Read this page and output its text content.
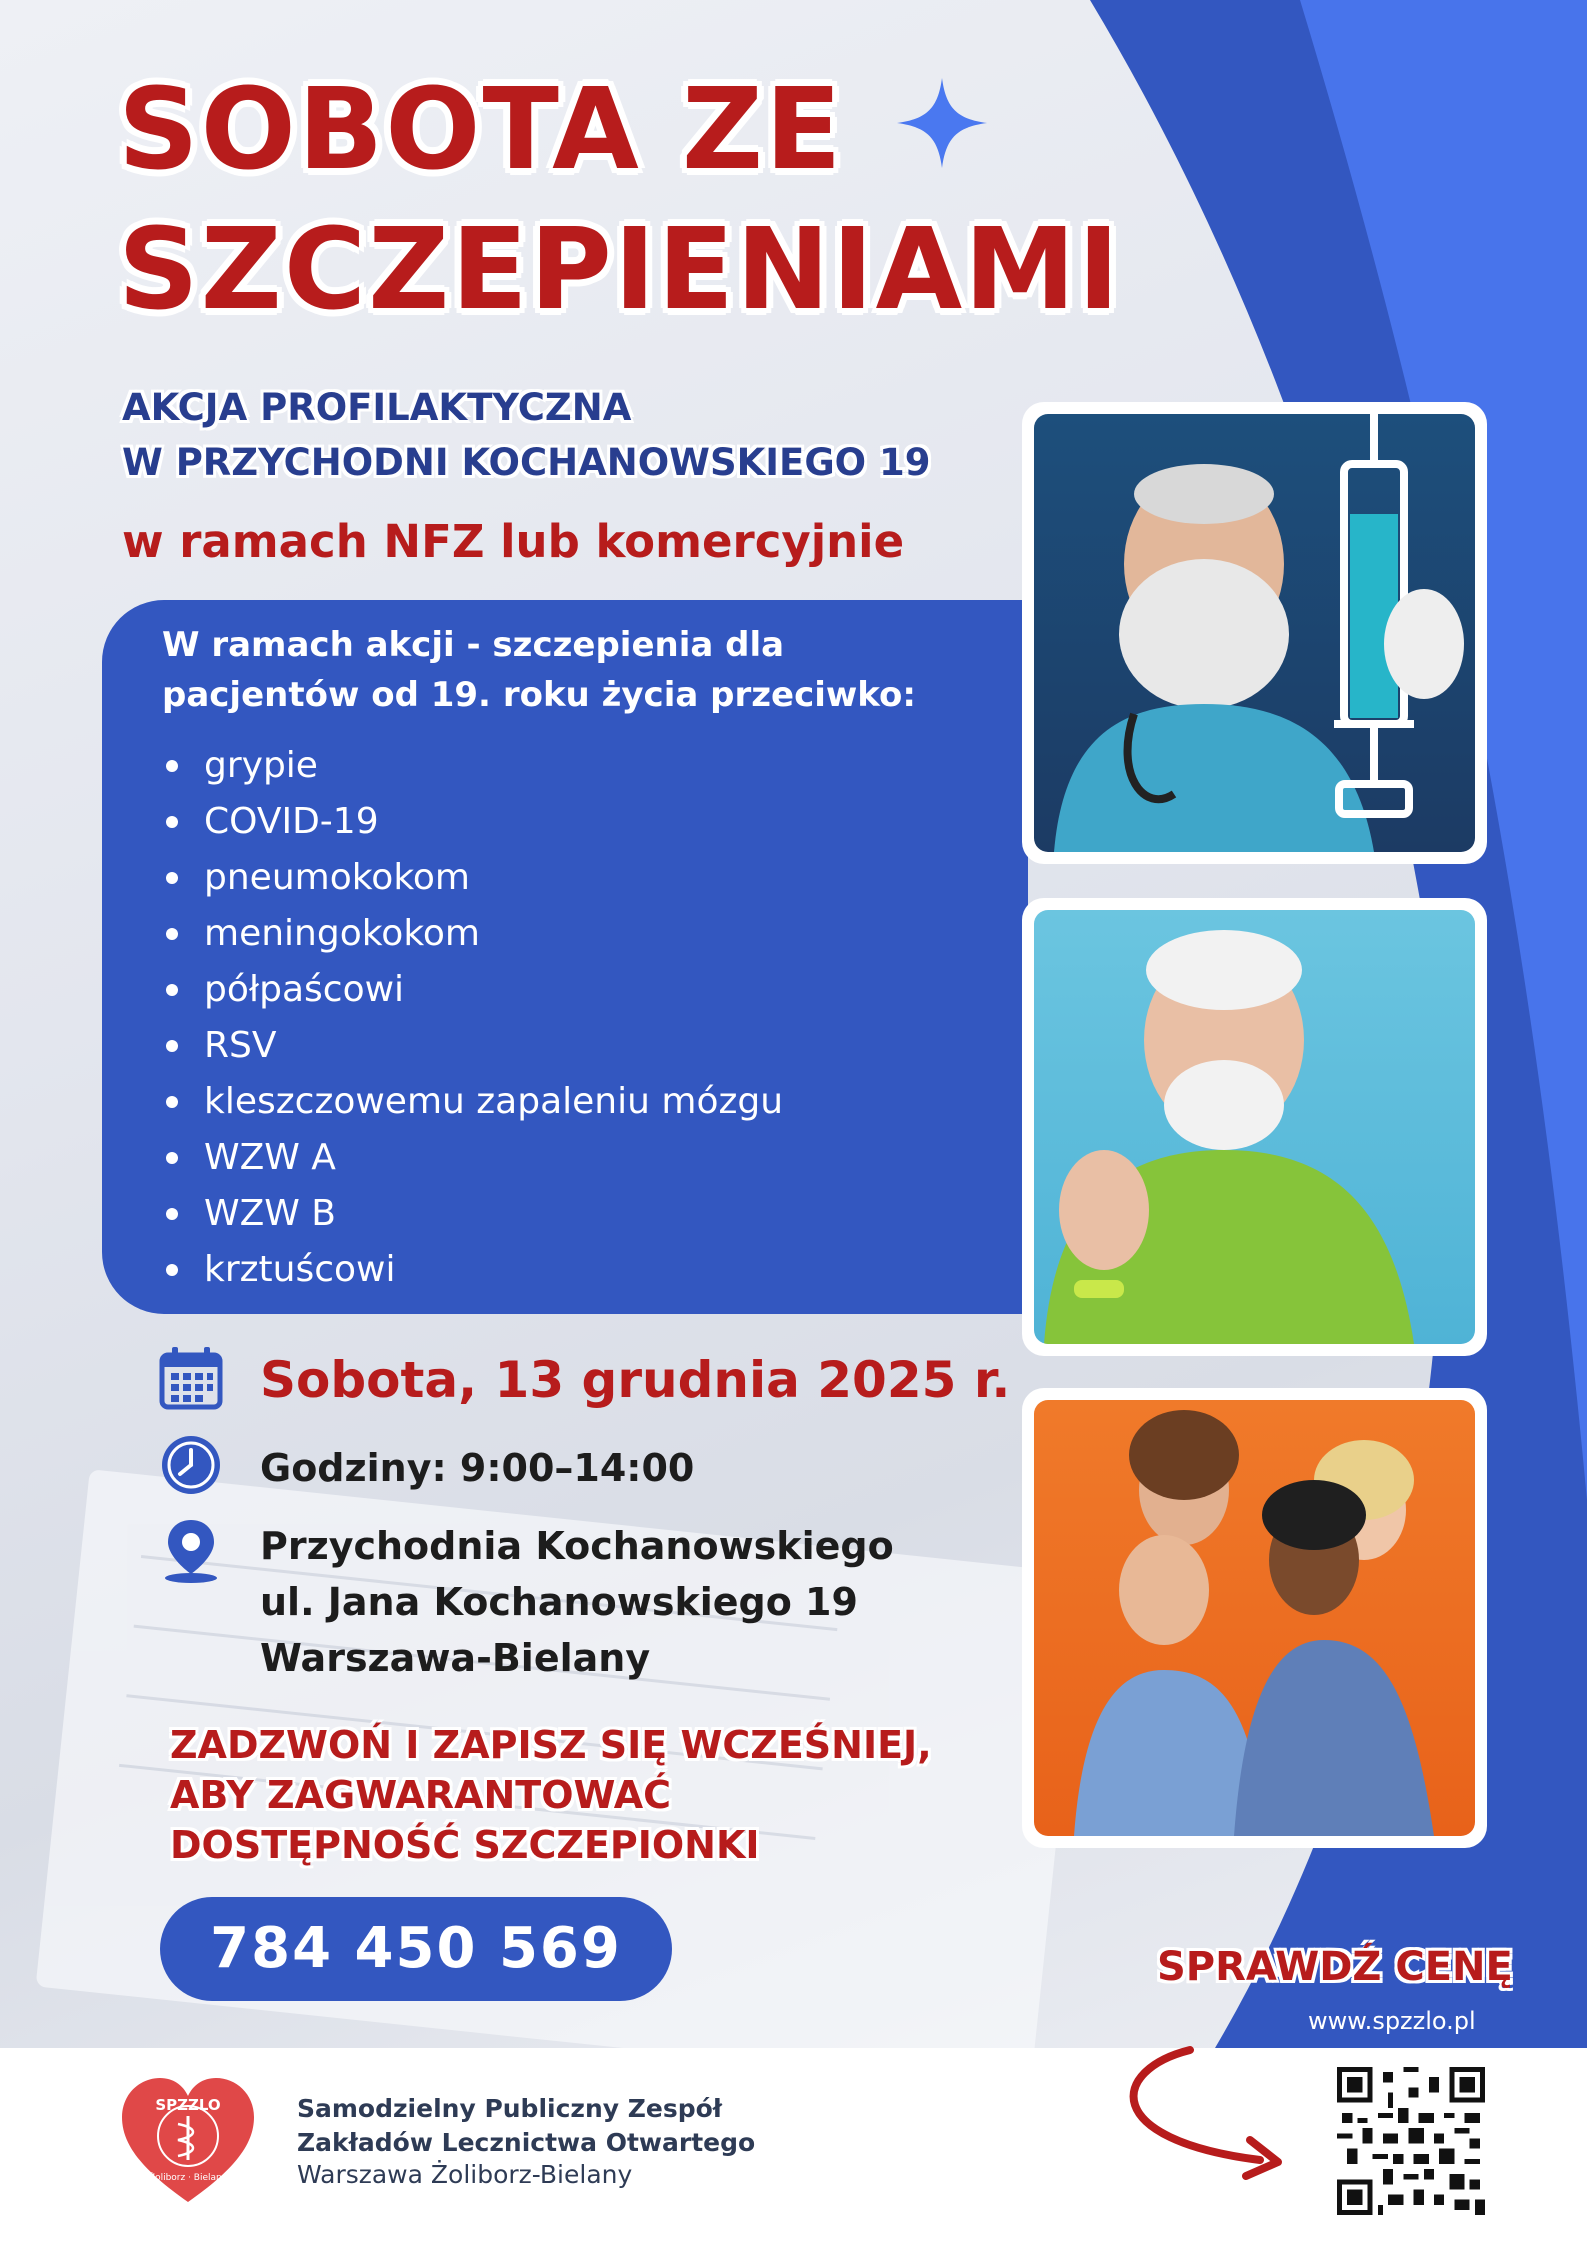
SOBOTA ZE
SZCZEPIENIAMI
AKCJA PROFILAKTYCZNA
W PRZYCHODNI KOCHANOWSKIEGO 19
w ramach NFZ lub komercyjnie
W ramach akcji - szczepienia dla pacjentów od 19. roku życia przeciwko:
grypie
COVID-19
pneumokokom
meningokokom
półpaścowi
RSV
kleszczowemu zapaleniu mózgu
WZW A
WZW B
krztuścowi
Sobota, 13 grudnia 2025 r.
Godziny: 9:00–14:00
Przychodnia Kochanowskiego
ul. Jana Kochanowskiego 19
Warszawa-Bielany
ZADZWOŃ I ZAPISZ SIĘ WCZEŚNIEJ,
ABY ZAGWARANTOWAĆ
DOSTĘPNOŚĆ SZCZEPIONKI
784 450 569	SPRAWDŹ CENĘ
www.spzzlo.pl
SPZZLO
Żoliborz · Bielany
Samodzielny Publiczny Zespół
Zakładów Lecznictwa Otwartego
Warszawa Żoliborz-Bielany
